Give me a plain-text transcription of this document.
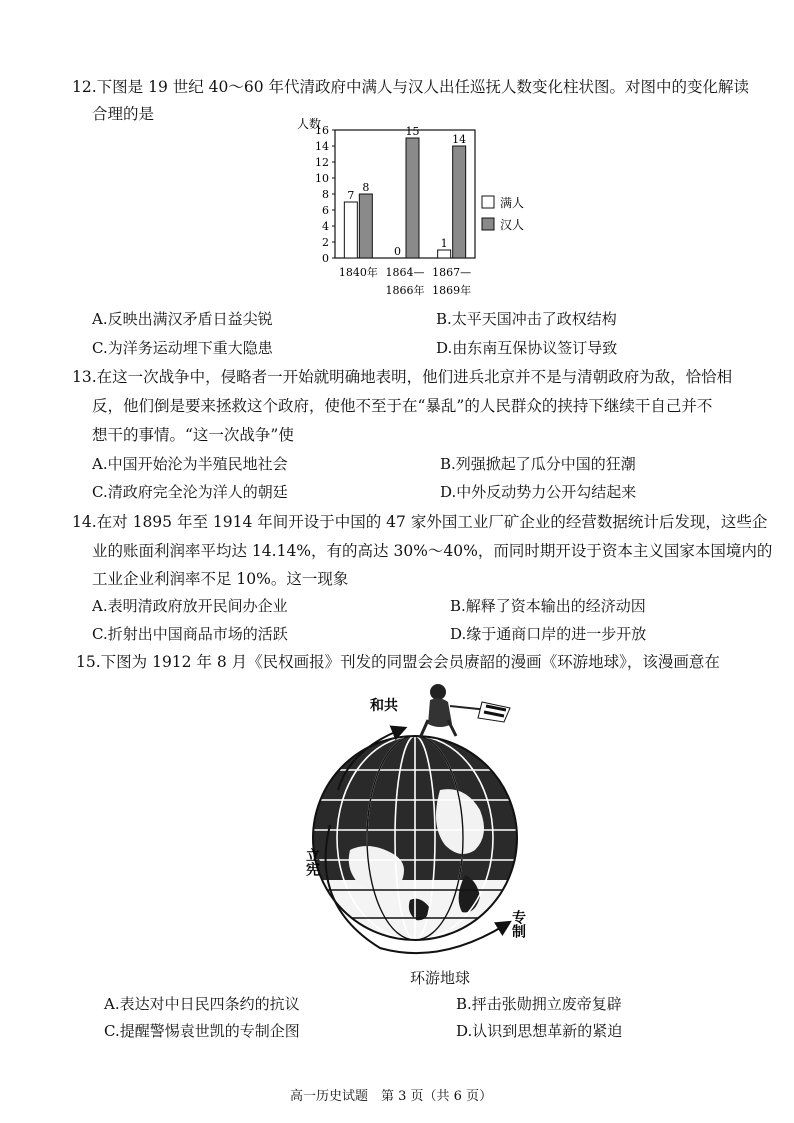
12.下图是 19 世纪 40～60 年代清政府中满人与汉人出任巡抚人数变化柱状图。对图中的变化解读
合理的是
人数
0
2
4
6
8
10
12
14
16
7
8
0
15
1
14
1840年 1864—
1866年
1867—
1869年
满人
汉人
A.反映出满汉矛盾日益尖锐	B.太平天国冲击了政权结构
C.为洋务运动埋下重大隐患	D.由东南互保协议签订导致
13.在这一次战争中，侵略者一开始就明确地表明，他们进兵北京并不是与清朝政府为敌，恰恰相
反，他们倒是要来拯救这个政府，使他不至于在“暴乱”的人民群众的挟持下继续干自己并不
想干的事情。“这一次战争”使
A.中国开始沦为半殖民地社会	B.列强掀起了瓜分中国的狂潮
C.清政府完全沦为洋人的朝廷	D.中外反动势力公开勾结起来
14.在对 1895 年至 1914 年间开设于中国的 47 家外国工业厂矿企业的经营数据统计后发现，这些企
业的账面利润率平均达 14.14%，有的高达 30%～40%，而同时期开设于资本主义国家本国境内的
工业企业利润率不足 10%。这一现象
A.表明清政府放开民间办企业	B.解释了资本输出的经济动因
C.折射出中国商品市场的活跃	D.缘于通商口岸的进一步开放
15.下图为 1912 年 8 月《民权画报》刊发的同盟会会员赓韶的漫画《环游地球》，该漫画意在
和共
立宪
专制
环游地球
A.表达对中日民四条约的抗议	B.抨击张勋拥立废帝复辟
C.提醒警惕袁世凯的专制企图	D.认识到思想革新的紧迫
高一历史试题　第 3 页（共 6 页）
